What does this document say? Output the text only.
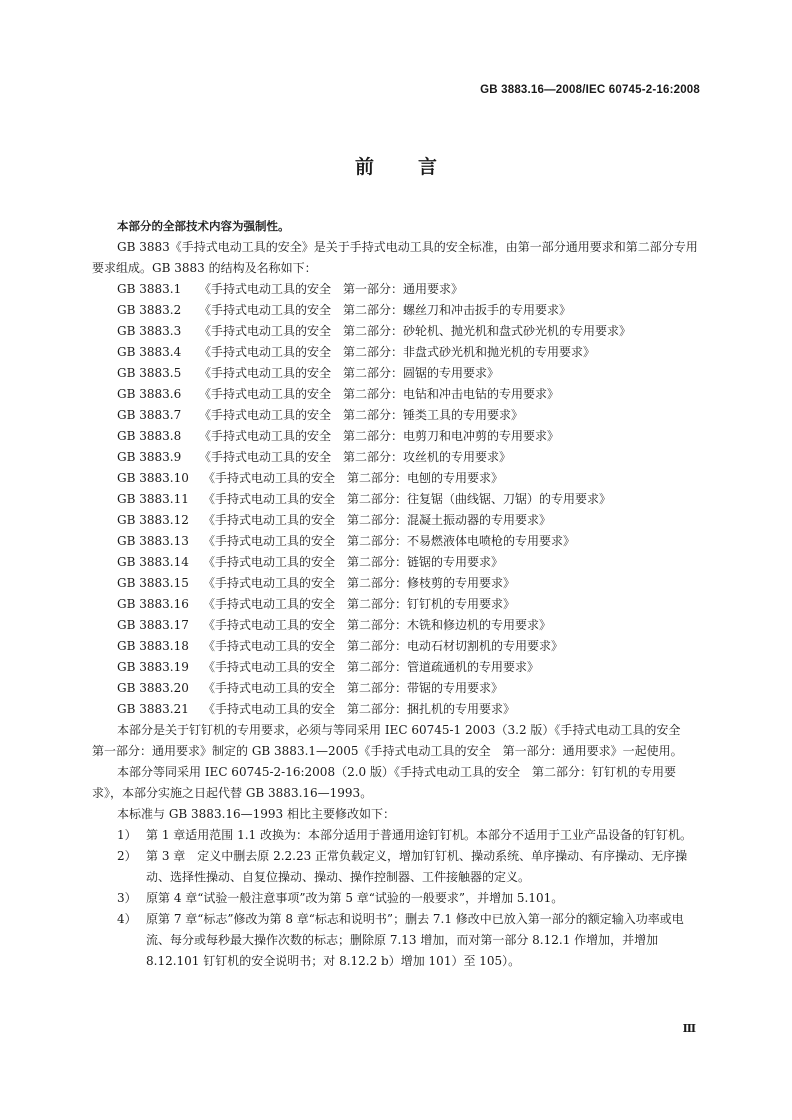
GB 3883.16—2008/IEC 60745-2-16:2008
前言

本部分的全部技术内容为强制性。

GB 3883《手持式电动工具的安全》是关于手持式电动工具的安全标准，由第一部分通用要求和第二部分专用要求组成。GB 3883 的结构及名称如下：

GB 3883.1 《手持式电动工具的安全　第一部分：通用要求》
GB 3883.2 《手持式电动工具的安全　第二部分：螺丝刀和冲击扳手的专用要求》
GB 3883.3 《手持式电动工具的安全　第二部分：砂轮机、抛光机和盘式砂光机的专用要求》
GB 3883.4 《手持式电动工具的安全　第二部分：非盘式砂光机和抛光机的专用要求》
GB 3883.5 《手持式电动工具的安全　第二部分：圆锯的专用要求》
GB 3883.6 《手持式电动工具的安全　第二部分：电钻和冲击电钻的专用要求》
GB 3883.7 《手持式电动工具的安全　第二部分：锤类工具的专用要求》
GB 3883.8 《手持式电动工具的安全　第二部分：电剪刀和电冲剪的专用要求》
GB 3883.9 《手持式电动工具的安全　第二部分：攻丝机的专用要求》
GB 3883.10 《手持式电动工具的安全　第二部分：电刨的专用要求》
GB 3883.11 《手持式电动工具的安全　第二部分：往复锯（曲线锯、刀锯）的专用要求》
GB 3883.12 《手持式电动工具的安全　第二部分：混凝土振动器的专用要求》
GB 3883.13 《手持式电动工具的安全　第二部分：不易燃液体电喷枪的专用要求》
GB 3883.14 《手持式电动工具的安全　第二部分：链锯的专用要求》
GB 3883.15 《手持式电动工具的安全　第二部分：修枝剪的专用要求》
GB 3883.16 《手持式电动工具的安全　第二部分：钉钉机的专用要求》
GB 3883.17 《手持式电动工具的安全　第二部分：木铣和修边机的专用要求》
GB 3883.18 《手持式电动工具的安全　第二部分：电动石材切割机的专用要求》
GB 3883.19 《手持式电动工具的安全　第二部分：管道疏通机的专用要求》
GB 3883.20 《手持式电动工具的安全　第二部分：带锯的专用要求》
GB 3883.21 《手持式电动工具的安全　第二部分：捆扎机的专用要求》

本部分是关于钉钉机的专用要求，必须与等同采用 IEC 60745-1 2003（3.2 版）《手持式电动工具的安全　第一部分：通用要求》制定的 GB 3883.1—2005《手持式电动工具的安全　第一部分：通用要求》一起使用。

本部分等同采用 IEC 60745-2-16:2008（2.0 版）《手持式电动工具的安全　第二部分：钉钉机的专用要求》，本部分实施之日起代替 GB 3883.16—1993。

本标准与 GB 3883.16—1993 相比主要修改如下：

1） 第 1 章适用范围 1.1 改换为：本部分适用于普通用途钉钉机。本部分不适用于工业产品设备的钉钉机。
2） 第 3 章　定义中删去原 2.2.23 正常负载定义，增加钉钉机、操动系统、单序操动、有序操动、无序操动、选择性操动、自复位操动、操动、操作控制器、工件接触器的定义。
3） 原第 4 章“试验一般注意事项”改为第 5 章“试验的一般要求”，并增加 5.101。
4） 原第 7 章“标志”修改为第 8 章“标志和说明书”；删去 7.1 修改中已放入第一部分的额定输入功率或电流、每分或每秒最大操作次数的标志；删除原 7.13 增加，而对第一部分 8.12.1 作增加，并增加 8.12.101 钉钉机的安全说明书；对 8.12.2 b）增加 101）至 105）。
Ⅲ
